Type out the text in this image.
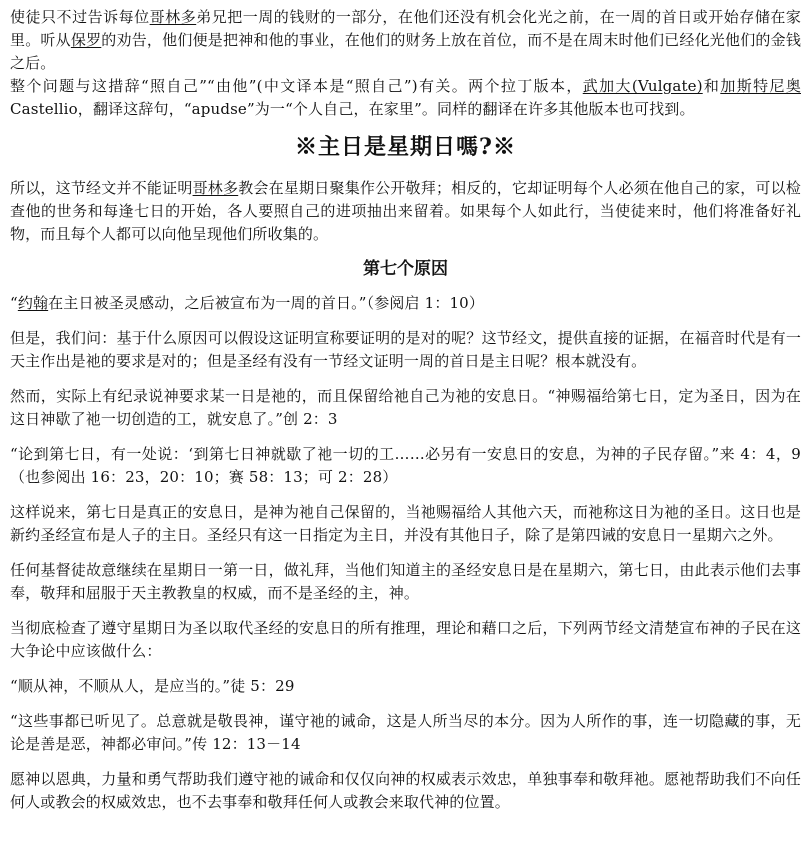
使徒只不过告诉每位哥林多弟兄把一周的钱财的一部分，在他们还没有机会化光之前，在一周的首日或开始存储在家里。听从保罗的劝告，他们便是把神和他的事业，在他们的财务上放在首位，而不是在周末时他们已经化光他们的金钱之后。

整个问题与这措辞“照自己”“由他”(中文译本是“照自己”)有关。两个拉丁版本，武加大(Vulgate)和加斯特尼奥 Castellio，翻译这辞句，“apudse”为一“个人自己，在家里”。同样的翻译在许多其他版本也可找到。

※主日是星期日嗎?※

所以，这节经文并不能证明哥林多教会在星期日聚集作公开敬拜；相反的，它却证明每个人必须在他自己的家，可以检查他的世务和每逢七日的开始，各人要照自己的进项抽出来留着。如果每个人如此行，当使徒来时，他们将准备好礼物，而且每个人都可以向他呈现他们所收集的。

第七个原因

“约翰在主日被圣灵感动，之后被宣布为一周的首日。”（参阅启 1：10）

但是，我们问：基于什么原因可以假设这证明宣称要证明的是对的呢？这节经文，提供直接的证据，在福音时代是有一天主作出是祂的要求是对的；但是圣经有没有一节经文证明一周的首日是主日呢？根本就没有。

然而，实际上有纪录说神要求某一日是祂的，而且保留给祂自己为祂的安息日。“神赐福给第七日，定为圣日，因为在这日神歇了祂一切创造的工，就安息了。”创 2：3

“论到第七日，有一处说：‘到第七日神就歇了祂一切的工……必另有一安息日的安息，为神的子民存留。”来 4：4，9（也参阅出 16：23，20：10；赛 58：13；可 2：28）

这样说来，第七日是真正的安息日，是神为祂自己保留的，当祂赐福给人其他六天，而祂称这日为祂的圣日。这日也是新约圣经宣布是人子的主日。圣经只有这一日指定为主日，并没有其他日子，除了是第四诫的安息日一星期六之外。

任何基督徒故意继续在星期日一第一日，做礼拜，当他们知道主的圣经安息日是在星期六，第七日，由此表示他们去事奉，敬拜和屈服于天主教教皇的权威，而不是圣经的主，神。

当彻底检查了遵守星期日为圣以取代圣经的安息日的所有推理，理论和藉口之后，下列两节经文清楚宣布神的子民在这大争论中应该做什么：

“顺从神，不顺从人，是应当的。”徒 5：29

“这些事都已听见了。总意就是敬畏神，谨守祂的诫命，这是人所当尽的本分。因为人所作的事，连一切隐藏的事，无论是善是恶，神都必审问。”传 12：13－14

愿神以恩典，力量和勇气帮助我们遵守祂的诫命和仅仅向神的权威表示效忠，单独事奉和敬拜祂。愿祂帮助我们不向任何人或教会的权威效忠，也不去事奉和敬拜任何人或教会来取代神的位置。
